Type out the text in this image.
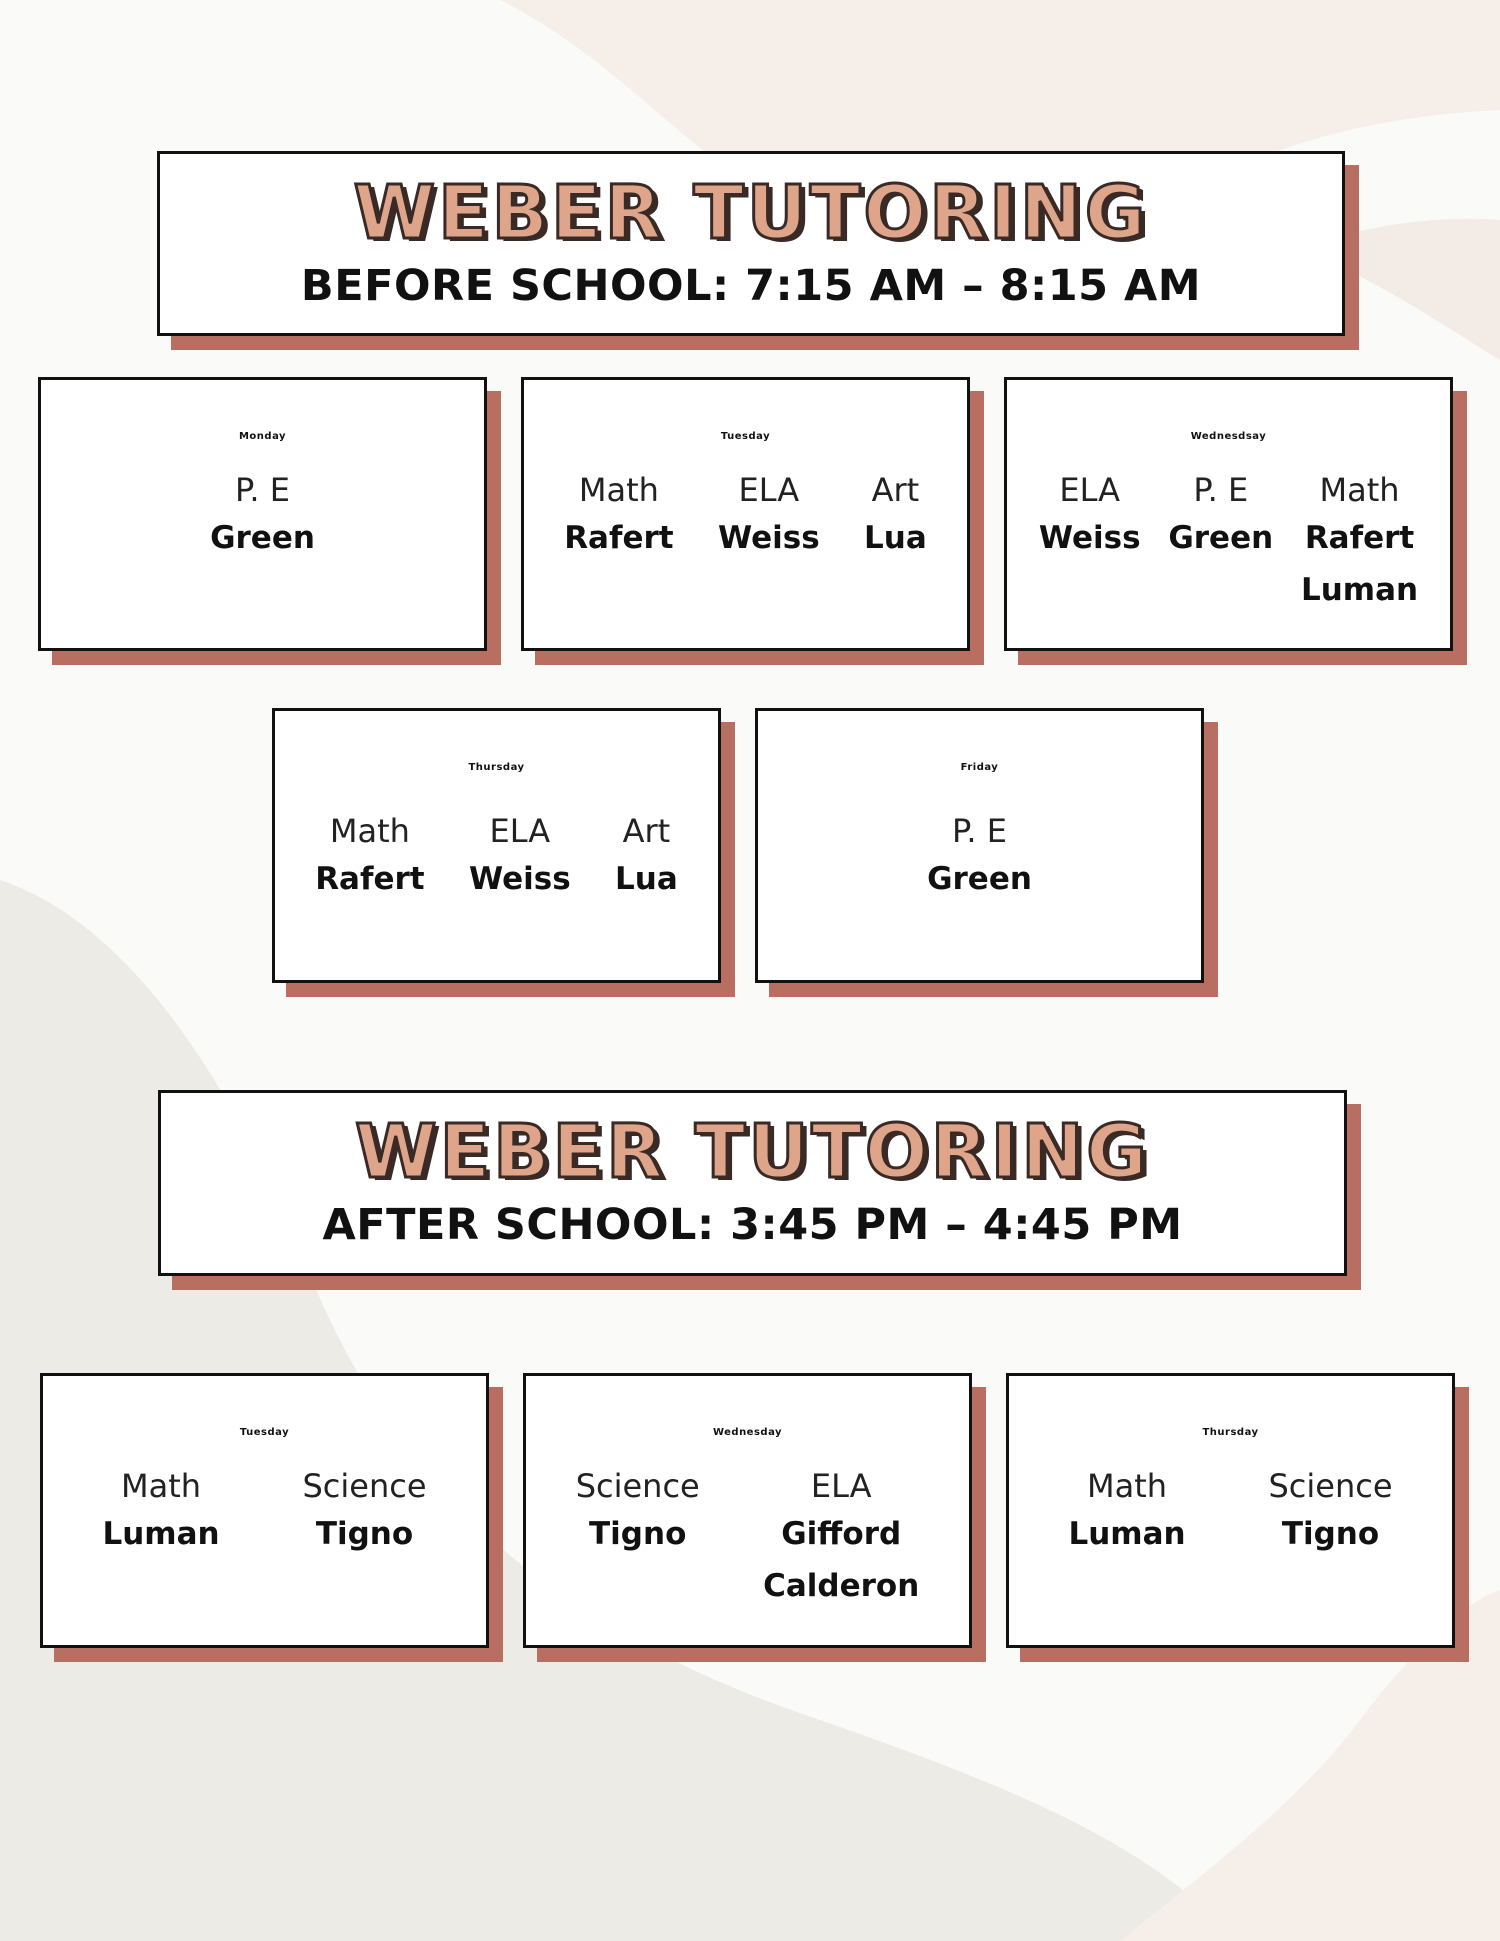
WEBER TUTORING
BEFORE SCHOOL: 7:15 AM – 8:15 AM
Monday
P. E
Green
Tuesday
Math
Rafert
ELA
Weiss
Art
Lua
Wednesdsay
ELA
Weiss
P. E
Green
Math
Rafert
Luman
Thursday
Math
Rafert
ELA
Weiss
Art
Lua
Friday
P. E
Green
WEBER TUTORING
AFTER SCHOOL: 3:45 PM – 4:45 PM
Tuesday
Math
Luman
Science
Tigno
Wednesday
Science
Tigno
ELA
Gifford
Calderon
Thursday
Math
Luman
Science
Tigno
